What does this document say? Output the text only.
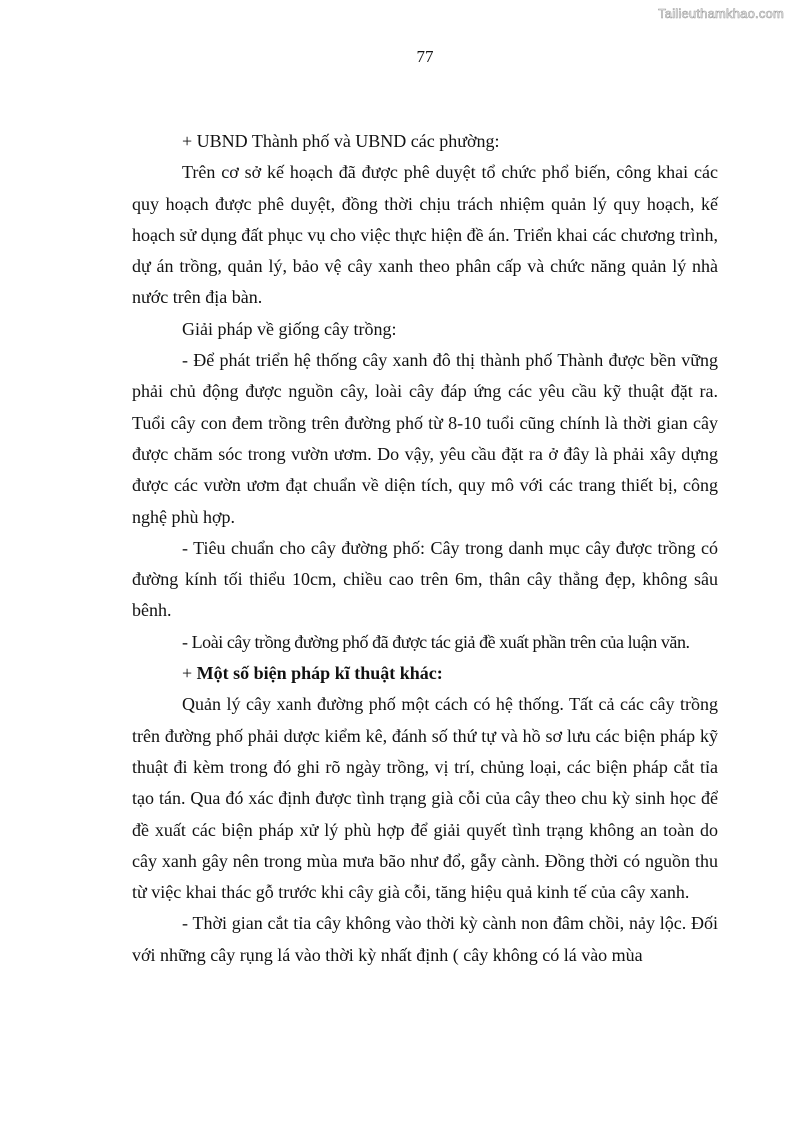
Tailieuthamkhao.com
77

+ UBND Thành phố và UBND các phường:

Trên cơ sở kế hoạch đã được phê duyệt tổ chức phổ biến, công khai các quy hoạch được phê duyệt, đồng thời chịu trách nhiệm quản lý quy hoạch, kế hoạch sử dụng đất phục vụ cho việc thực hiện đề án. Triển khai các chương trình, dự án trồng, quản lý, bảo vệ cây xanh theo phân cấp và chức năng quản lý nhà nước trên địa bàn.

Giải pháp về giống cây trồng:

- Để phát triển hệ thống cây xanh đô thị thành phố Thành được bền vững phải chủ động được nguồn cây, loài cây đáp ứng các yêu cầu kỹ thuật đặt ra. Tuổi cây con đem trồng trên đường phố từ 8-10 tuổi cũng chính là thời gian cây được chăm sóc trong vườn ươm. Do vậy, yêu cầu đặt ra ở đây là phải xây dựng được các vườn ươm đạt chuẩn về diện tích, quy mô với các trang thiết bị, công nghệ phù hợp.

- Tiêu chuẩn cho cây đường phố: Cây trong danh mục cây được trồng có đường kính tối thiểu 10cm, chiều cao trên 6m, thân cây thẳng đẹp, không sâu bênh.

- Loài cây trồng đường phố đã được tác giả đề xuất phần trên của luận văn.

+ Một số biện pháp kĩ thuật khác:

Quản lý cây xanh đường phố một cách có hệ thống. Tất cả các cây trồng trên đường phố phải dược kiểm kê, đánh số thứ tự và hồ sơ lưu các biện pháp kỹ thuật đi kèm trong đó ghi rõ ngày trồng, vị trí, chủng loại, các biện pháp cắt tỉa tạo tán. Qua đó xác định được tình trạng già cỗi của cây theo chu kỳ sinh học để đề xuất các biện pháp xử lý phù hợp để giải quyết tình trạng không an toàn do cây xanh gây nên trong mùa mưa bão như đổ, gẫy cành. Đồng thời có nguồn thu từ việc khai thác gỗ trước khi cây già cỗi, tăng hiệu quả kinh tế của cây xanh.

- Thời gian cắt tỉa cây không vào thời kỳ cành non đâm chồi, nảy lộc. Đối với những cây rụng lá vào thời kỳ nhất định ( cây không có lá vào mùa
